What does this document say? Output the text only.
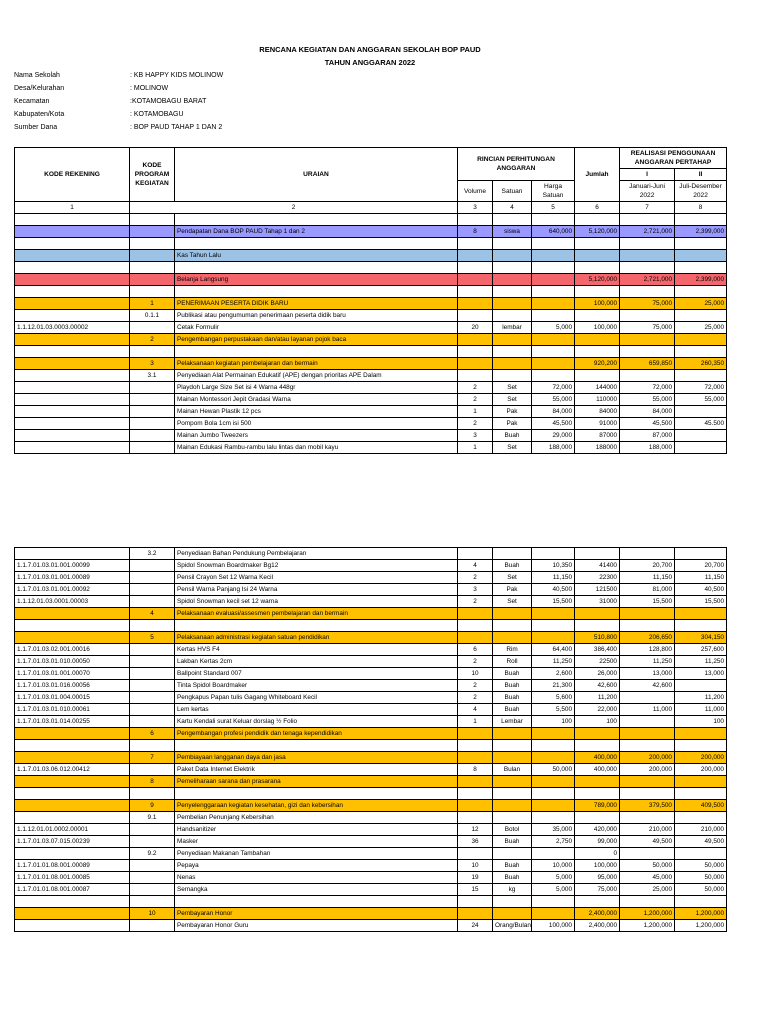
RENCANA KEGIATAN DAN ANGGARAN SEKOLAH BOP PAUD
TAHUN ANGGARAN 2022
Nama Sekolah	: KB HAPPY KIDS MOLINOW
Desa/Kelurahan	: MOLINOW
Kecamatan	:KOTAMOBAGU BARAT
Kabupaten/Kota	: KOTAMOBAGU
Sumber Dana	: BOP PAUD TAHAP 1 DAN 2
KODE REKENING	KODE PROGRAM KEGIATAN	URAIAN	RINCIAN PERHITUNGAN ANGGARAN			Jumlah	REALISASI PENGGUNAAN ANGGARAN PERTAHAP	
							I	II
			Volume	Satuan	Harga Satuan		Januari-Juni 2022	Juli-Desember 2022
1	2		3	4	5	6	7	8

		Pendapatan Dana BOP PAUD Tahap 1 dan 2	8	siswa	640,000	5,120,000	2,721,000	2,399,000

		Kas Tahun Lalu						

		Belanja Langsung				5,120,000	2,721,000	2,399,000

	1	PENERIMAAN PESERTA DIDIK BARU				100,000	75,000	25,000
	0.1.1	Publikasi atau pengumuman penerimaan peserta didik baru						
1.1.12.01.03.0003.00002		Cetak Formulir	20	lembar	5,000	100,000	75,000	25,000
	2	Pengembangan perpustakaan dan/atau layanan pojok baca						

	3	Pelaksanaan kegiatan pembelajaran dan bermain				920,200	659,850	260,350
	3.1	Penyediaan Alat Permainan Edukatif (APE) dengan prioritas APE Dalam						
		Playdoh Large Size Set isi 4 Warna 448gr	2	Set	72,000	144000	72,000	72,000
		Mainan Montessori Jepit Gradasi Warna	2	Set	55,000	110000	55,000	55,000
		Mainan Hewan Plastik 12 pcs	1	Pak	84,000	84000	84,000	
		Pompom Bola 1cm isi 500	2	Pak	45,500	91000	45,500	45.500
		Mainan Jumbo Tweezers	3	Buah	29,000	87000	87,000	
		Mainan Edukasi Rambu-rambu lalu lintas dan mobil kayu	1	Set	188,000	188000	188,000	
	3.2	Penyediaan Bahan Pendukung Pembelajaran						
1.1.7.01.03.01.001.00099		Spidol Snowman Boardmaker Bg12	4	Buah	10,350	41400	20,700	20,700
1.1.7.01.03.01.001.00089		Pensil Crayon Set 12 Warna Kecil	2	Set	11,150	22300	11,150	11,150
1.1.7.01.03.01.001.00092		Pensil Warna Panjang Isi 24 Warna	3	Pak	40,500	121500	81,000	40,500
1.1.12.01.03.0001.00003		Spidol Snowman kecil set 12 warna	2	Set	15,500	31000	15,500	15,500
	4	Pelaksanaan evaluasi/assesmen pembelajaran dan bermain						

	5	Pelaksanaan administrasi kegiatan satuan pendidikan				510,800	206,650	304,150
1.1.7.01.03.02.001.00016		Kertas HVS F4	6	Rim	64,400	386,400	128,800	257,600
1.1.7.01.03.01.010.00050		Lakban Kertas 2cm	2	Roll	11,250	22500	11,250	11,250
1.1.7.01.03.01.001.00070		Ballpoint Standard 007	10	Buah	2,600	26,000	13,000	13,000
1.1.7.01.03.01.016.00056		Tinta Spidol Boardmaker	2	Buah	21,300	42,600	42,600	
1.1.7.01.03.01.004.00015		Pengkapus Papan tulis Gagang Whiteboard Kecil	2	Buah	5,600	11,200		11,200
1.1.7.01.03.01.010.00061		Lem kertas	4	Buah	5,500	22,000	11,000	11,000
1.1.7.01.03.01.014.00255		Kartu Kendali surat Keluar dorslag ½ Folio	1	Lembar	100	100		100
	6	Pengembangan profesi pendidik dan tenaga kependidikan						

	7	Pembiayaan langganan daya dan jasa				400,000	200,000	200,000
1.1.7.01.03.06.012.00412		Paket Data Internet Elektrik	8	Bulan	50,000	400,000	200,000	200,000
	8	Pemeliharaan sarana dan prasarana						

	9	Penyelenggaraan kegiatan kesehatan, gizi dan kebersihan				789,000	379,500	409,500
	9.1	Pembelian Penunjang Kebersihan						
1.1.12.01.01.0002.00001		Handsanitizer	12	Botol	35,000	420,000	210,000	210,000
1.1.7.01.03.07.015.00239		Masker	36	Buah	2,750	99,000	49,500	49,500
	9.2	Penyediaan Makanan Tambahan				0		
1.1.7.01.01.08.001.00089		Pepaya	10	Buah	10,000	100,000	50,000	50,000
1.1.7.01.01.08.001.00085		Nenas	19	Buah	5,000	95,000	45,000	50,000
1.1.7.01.01.08.001.00087		Semangka	15	kg	5,000	75,000	25,000	50,000

	10	Pembayaran Honor				2,400,000	1,200,000	1,200,000
		Pembayaran Honor Guru	24	Orang/Bulan	100,000	2,400,000	1,200,000	1,200,000
